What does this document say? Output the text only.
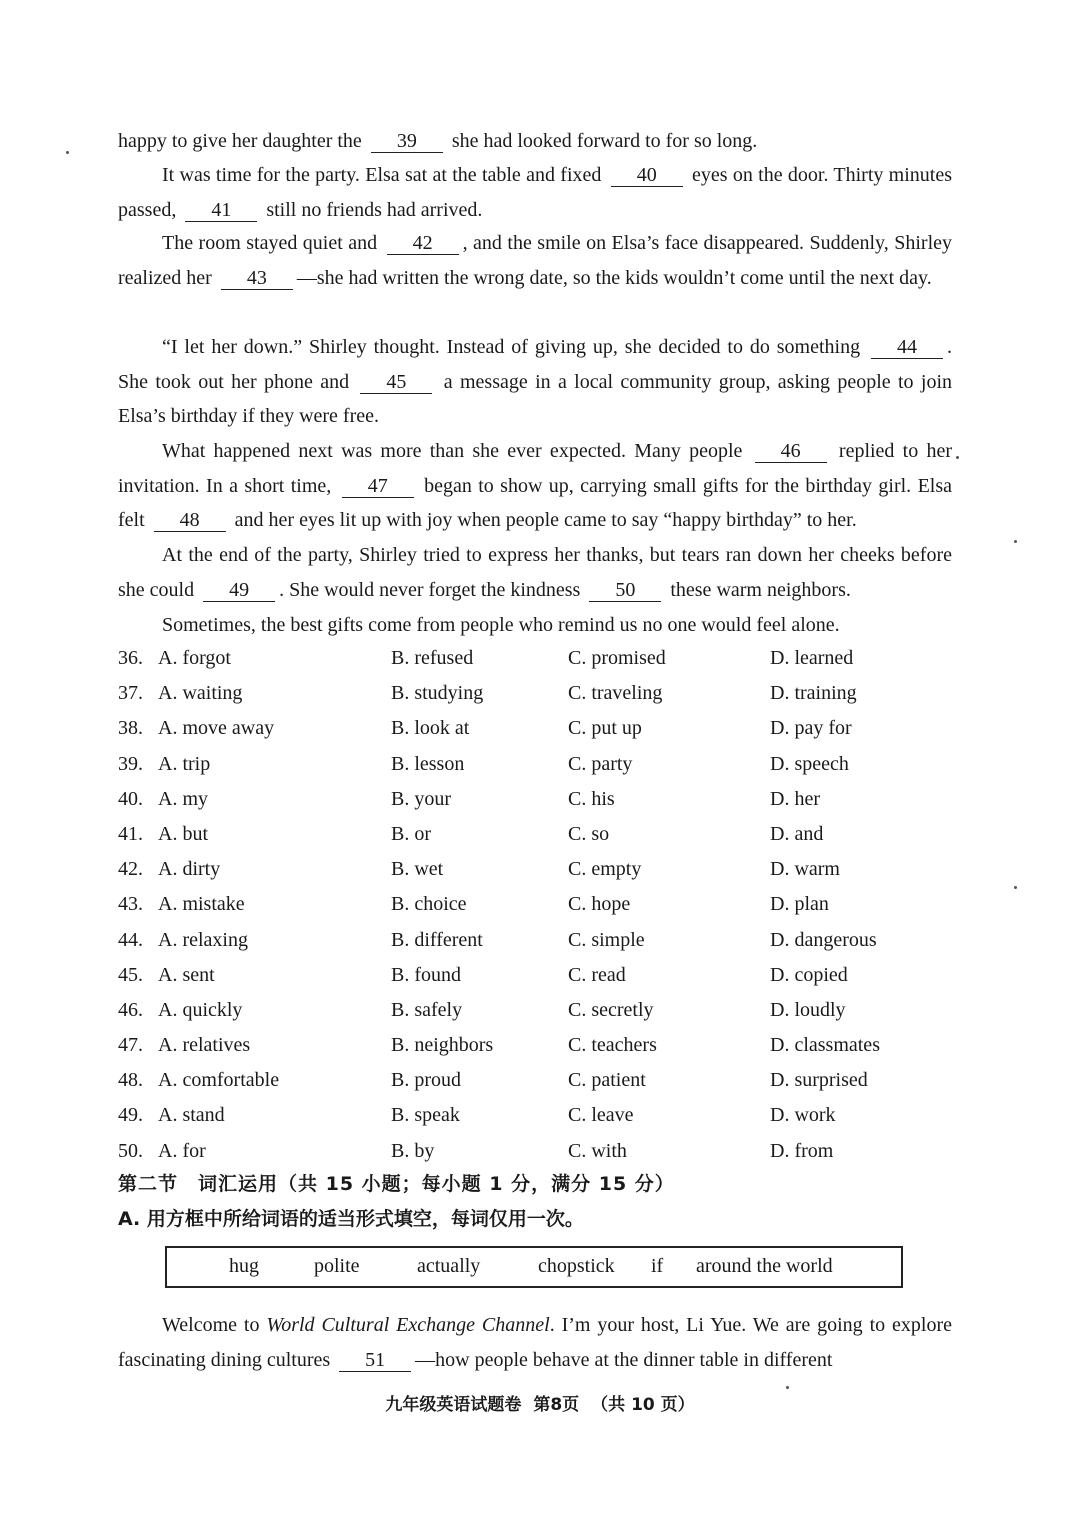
happy to give her daughter the 39 she had looked forward to for so long.

It was time for the party. Elsa sat at the table and fixed 40 eyes on the door. Thirty minutes passed, 41 still no friends had arrived.

The room stayed quiet and 42 , and the smile on Elsa’s face disappeared. Suddenly, Shirley realized her 43 —she had written the wrong date, so the kids wouldn’t come until the next day.

“I let her down.” Shirley thought. Instead of giving up, she decided to do something 44 . She took out her phone and 45 a message in a local community group, asking people to join Elsa’s birthday if they were free.

What happened next was more than she ever expected. Many people 46 replied to her invitation. In a short time, 47 began to show up, carrying small gifts for the birthday girl. Elsa felt 48 and her eyes lit up with joy when people came to say “happy birthday” to her.

At the end of the party, Shirley tried to express her thanks, but tears ran down her cheeks before she could 49 . She would never forget the kindness 50 these warm neighbors.

Sometimes, the best gifts come from people who remind us no one would feel alone.

36. A. forgot	B. refused	C. promised	D. learned
37. A. waiting	B. studying	C. traveling	D. training
38. A. move away	B. look at	C. put up	D. pay for
39. A. trip	B. lesson	C. party	D. speech
40. A. my	B. your	C. his	D. her
41. A. but	B. or	C. so	D. and
42. A. dirty	B. wet	C. empty	D. warm
43. A. mistake	B. choice	C. hope	D. plan
44. A. relaxing	B. different	C. simple	D. dangerous
45. A. sent	B. found	C. read	D. copied
46. A. quickly	B. safely	C. secretly	D. loudly
47. A. relatives	B. neighbors	C. teachers	D. classmates
48. A. comfortable	B. proud	C. patient	D. surprised
49. A. stand	B. speak	C. leave	D. work
50. A. for	B. by	C. with	D. from
第二节　词汇运用（共 15 小题；每小题 1 分，满分 15 分）
A. 用方框中所给词语的适当形式填空，每词仅用一次。
hug	polite	actually	chopstick if around the world

Welcome to World Cultural Exchange Channel. I’m your host, Li Yue. We are going to explore fascinating dining cultures 51 —how people behave at the dinner table in different

九年级英语试题卷 第8页 （共 10 页）
